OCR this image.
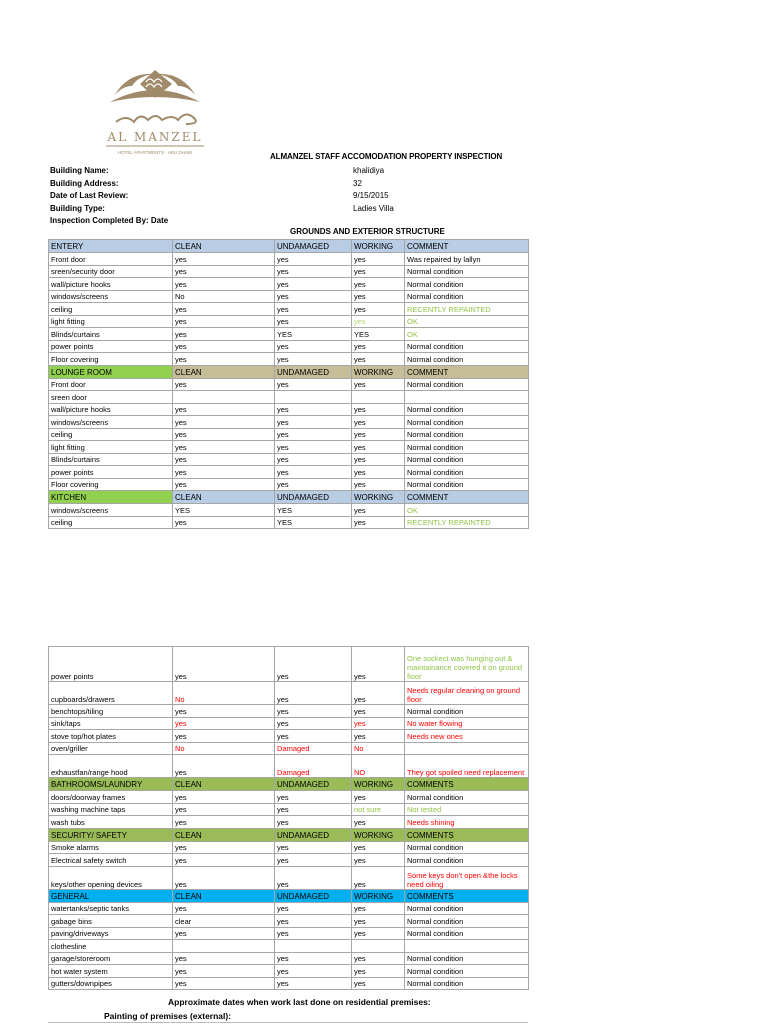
AL MANZEL
HOTEL APARTMENTS - ABU DHABI	ALMANZEL STAFF ACCOMODATION PROPERTY INSPECTION
Building Name:	khalidiya
Building Address:	32
Date of Last Review:	9/15/2015
Building Type:	Ladies Villa
Inspection Completed By: Date
GROUNDS AND EXTERIOR STRUCTURE
ENTERY	CLEAN	UNDAMAGED	WORKING	COMMENT
Front door	yes	yes	yes	Was repaired by lallyn
sreen/security door	yes	yes	yes	Normal condition
wall/picture hooks	yes	yes	yes	Normal condition
windows/screens	No	yes	yes	Normal condition
ceiling	yes	yes	yes	RECENTLY REPAINTED
light fitting	yes	yes	yes	OK
Blinds/curtains	yes	YES	YES	OK
power points	yes	yes	yes	Normal condition
Floor covering	yes	yes	yes	Normal condition
LOUNGE ROOM	CLEAN	UNDAMAGED	WORKING	COMMENT
Front door	yes	yes	yes	Normal condition
sreen door				
wall/picture hooks	yes	yes	yes	Normal condition
windows/screens	yes	yes	yes	Normal condition
ceiling	yes	yes	yes	Normal condition
light fitting	yes	yes	yes	Normal condition
Blinds/curtains	yes	yes	yes	Normal condition
power points	yes	yes	yes	Normal condition
Floor covering	yes	yes	yes	Normal condition
KITCHEN	CLEAN	UNDAMAGED	WORKING	COMMENT
windows/screens	YES	YES	yes	OK
ceiling	yes	YES	yes	RECENTLY REPAINTED
power points	yes	yes	yes	One sockect was hunging out & maintainance covered it on ground floor
cupboards/drawers	No	yes	yes	Needs regular cleaning on ground floor
benchtops/tiling	yes	yes	yes	Normal condition
sink/taps	yes	yes	yes	No water flowing
stove top/hot plates	yes	yes	yes	Needs new ones
oven/griller	No	Damaged	No	
exhaustfan/range hood	yes	Damaged	NO	They got spoiled need replacement
BATHROOMS/LAUNDRY	CLEAN	UNDAMAGED	WORKING	COMMENTS
doors/doorway frames	yes	yes	yes	Normal condition
washing machine taps	yes	yes	not sure	Not tested
wash tubs	yes	yes	yes	Needs shining
SECURITY/ SAFETY	CLEAN	UNDAMAGED	WORKING	COMMENTS
Smoke alarms	yes	yes	yes	Normal condition
Electrical safety switch	yes	yes	yes	Normal condition
keys/other opening devices	yes	yes	yes	Some keys don't open &the locks need oiling
GENERAL	CLEAN	UNDAMAGED	WORKING	COMMENTS
watertanks/septic tanks	yes	yes	yes	Normal condition
gabage bins	clear	yes	yes	Normal condition
paving/driveways	yes	yes	yes	Normal condition
clothesline				
garage/storeroom	yes	yes	yes	Normal condition
hot water system	yes	yes	yes	Normal condition
gutters/downpipes	yes	yes	yes	Normal condition
Approximate dates when work last done on residential premises:
Painting of premises (external):
